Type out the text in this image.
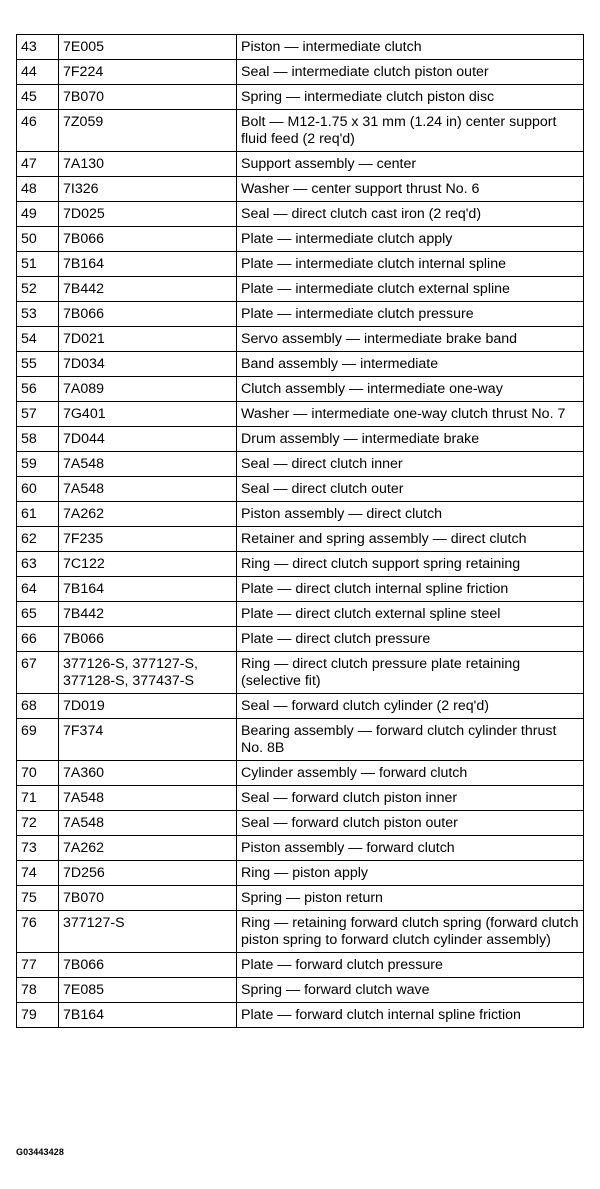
43	7E005	Piston — intermediate clutch
44	7F224	Seal — intermediate clutch piston outer
45	7B070	Spring — intermediate clutch piston disc
46	7Z059	Bolt — M12-1.75 x 31 mm (1.24 in) center support fluid feed (2 req'd)
47	7A130	Support assembly — center
48	7I326	Washer — center support thrust No. 6
49	7D025	Seal — direct clutch cast iron (2 req'd)
50	7B066	Plate — intermediate clutch apply
51	7B164	Plate — intermediate clutch internal spline
52	7B442	Plate — intermediate clutch external spline
53	7B066	Plate — intermediate clutch pressure
54	7D021	Servo assembly — intermediate brake band
55	7D034	Band assembly — intermediate
56	7A089	Clutch assembly — intermediate one-way
57	7G401	Washer — intermediate one-way clutch thrust No. 7
58	7D044	Drum assembly — intermediate brake
59	7A548	Seal — direct clutch inner
60	7A548	Seal — direct clutch outer
61	7A262	Piston assembly — direct clutch
62	7F235	Retainer and spring assembly — direct clutch
63	7C122	Ring — direct clutch support spring retaining
64	7B164	Plate — direct clutch internal spline friction
65	7B442	Plate — direct clutch external spline steel
66	7B066	Plate — direct clutch pressure
67	377126-S, 377127-S, 377128-S, 377437-S	Ring — direct clutch pressure plate retaining (selective fit)
68	7D019	Seal — forward clutch cylinder (2 req'd)
69	7F374	Bearing assembly — forward clutch cylinder thrust No. 8B
70	7A360	Cylinder assembly — forward clutch
71	7A548	Seal — forward clutch piston inner
72	7A548	Seal — forward clutch piston outer
73	7A262	Piston assembly — forward clutch
74	7D256	Ring — piston apply
75	7B070	Spring — piston return
76	377127-S	Ring — retaining forward clutch spring (forward clutch piston spring to forward clutch cylinder assembly)
77	7B066	Plate — forward clutch pressure
78	7E085	Spring — forward clutch wave
79	7B164	Plate — forward clutch internal spline friction
G03443428
